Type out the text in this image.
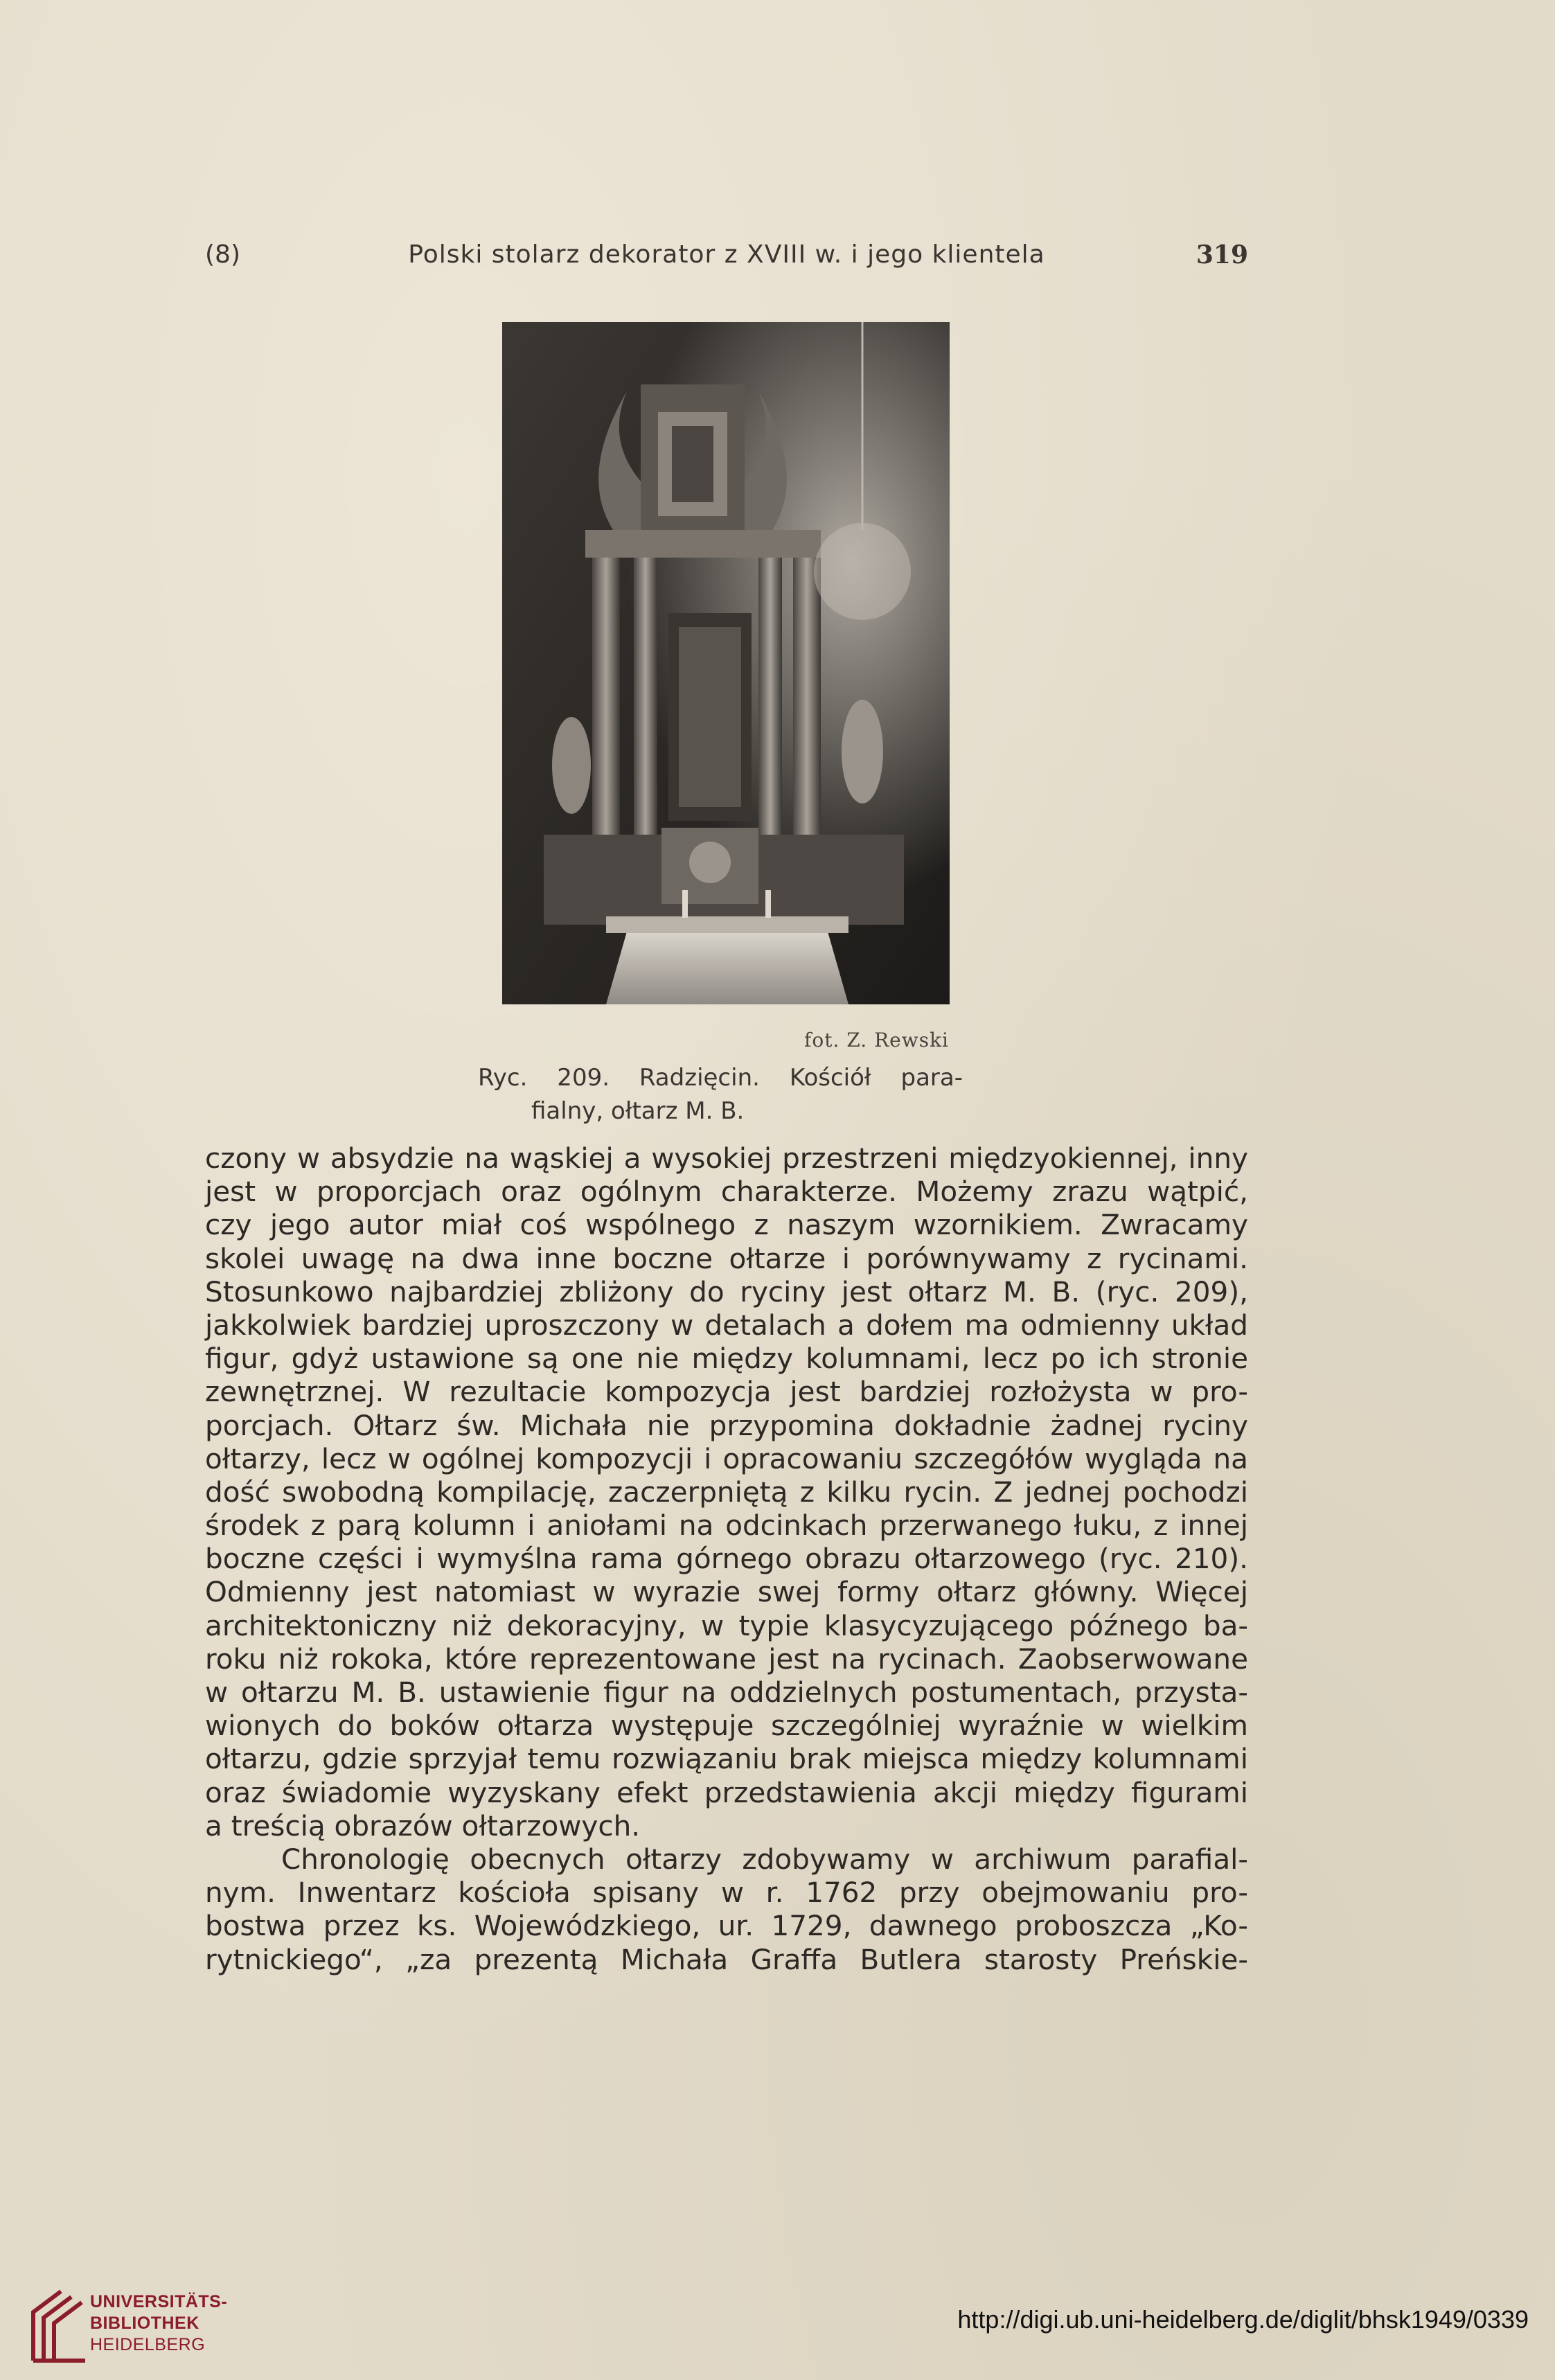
(8)	Polski stolarz dekorator z XVIII w. i jego klientela	319
fot. Z. Rewski
Ryc. 209. Radzięcin. Kościół para-
fialny, ołtarz M. B.
czony w absydzie na wąskiej a wysokiej przestrzeni międzyokiennej, inny
jest w proporcjach oraz ogólnym charakterze. Możemy zrazu wątpić,
czy jego autor miał coś wspólnego z naszym wzornikiem. Zwracamy
skolei uwagę na dwa inne boczne ołtarze i porównywamy z rycinami.
Stosunkowo najbardziej zbliżony do ryciny jest ołtarz M. B. (ryc. 209),
jakkolwiek bardziej uproszczony w detalach a dołem ma odmienny układ
figur, gdyż ustawione są one nie między kolumnami, lecz po ich stronie
zewnętrznej. W rezultacie kompozycja jest bardziej rozłożysta w pro-
porcjach. Ołtarz św. Michała nie przypomina dokładnie żadnej ryciny
ołtarzy, lecz w ogólnej kompozycji i opracowaniu szczegółów wygląda na
dość swobodną kompilację, zaczerpniętą z kilku rycin. Z jednej pochodzi
środek z parą kolumn i aniołami na odcinkach przerwanego łuku, z innej
boczne części i wymyślna rama górnego obrazu ołtarzowego (ryc. 210).
Odmienny jest natomiast w wyrazie swej formy ołtarz główny. Więcej
architektoniczny niż dekoracyjny, w typie klasycyzującego późnego ba-
roku niż rokoka, które reprezentowane jest na rycinach. Zaobserwowane
w ołtarzu M. B. ustawienie figur na oddzielnych postumentach, przysta-
wionych do boków ołtarza występuje szczególniej wyraźnie w wielkim
ołtarzu, gdzie sprzyjał temu rozwiązaniu brak miejsca między kolumnami
oraz świadomie wyzyskany efekt przedstawienia akcji między figurami
a treścią obrazów ołtarzowych.
Chronologię obecnych ołtarzy zdobywamy w archiwum parafial-
nym. Inwentarz kościoła spisany w r. 1762 przy obejmowaniu pro-
bostwa przez ks. Wojewódzkiego, ur. 1729, dawnego proboszcza „Ko-
rytnickiego“, „za prezentą Michała Graffa Butlera starosty Preńskie-
UNIVERSITÄTS-
BIBLIOTHEK
HEIDELBERG
http://digi.ub.uni-heidelberg.de/diglit/bhsk1949/0339
